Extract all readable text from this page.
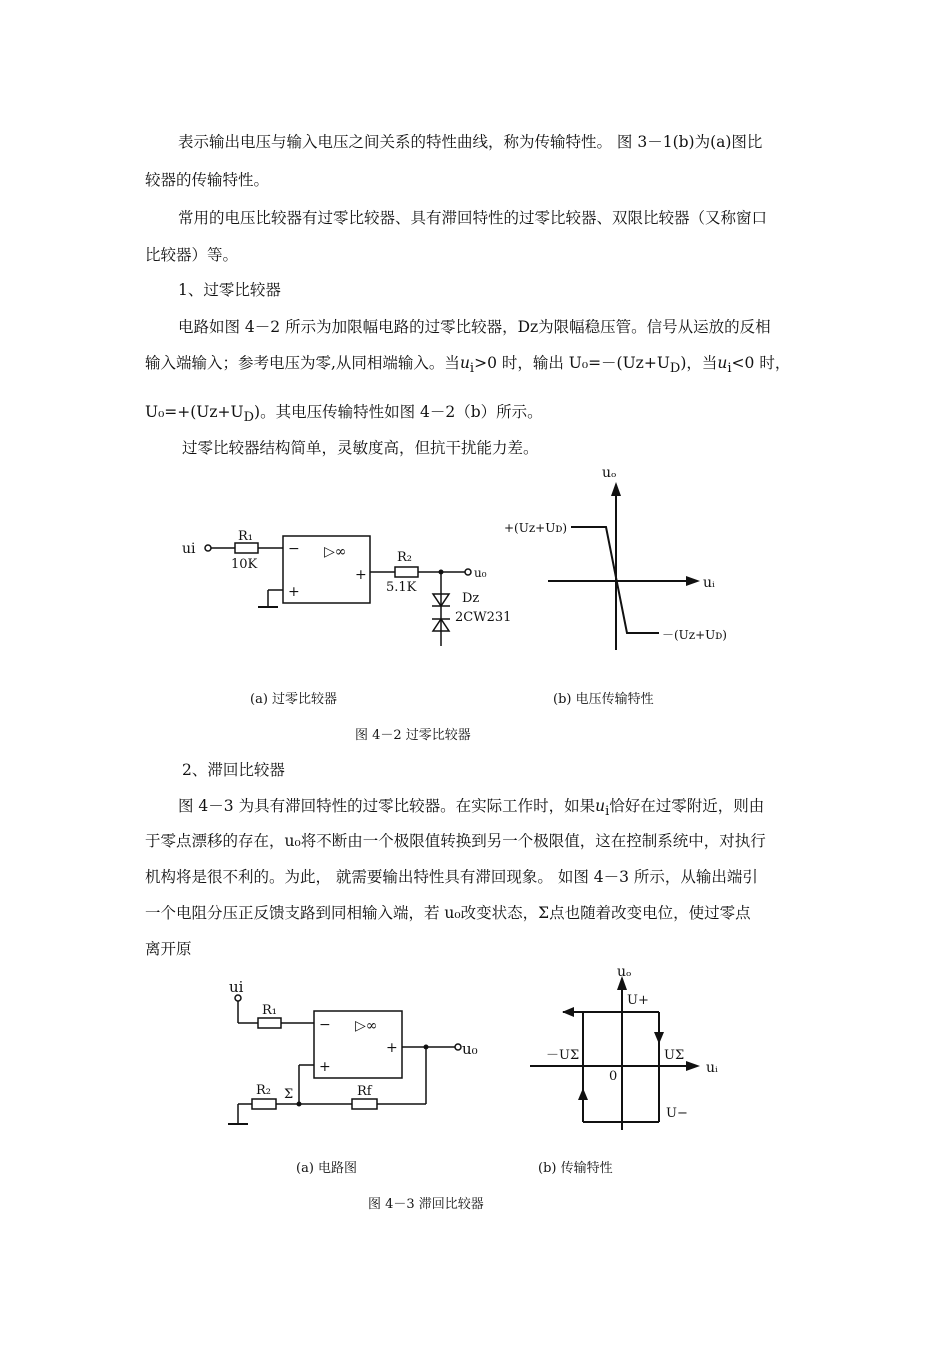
表示输出电压与输入电压之间关系的特性曲线，称为传输特性。 图 3－1(b)为(a)图比
较器的传输特性。
常用的电压比较器有过零比较器、具有滞回特性的过零比较器、双限比较器（又称窗口
比较器）等。
1、过零比较器
电路如图 4－2 所示为加限幅电路的过零比较器，Dz为限幅稳压管。信号从运放的反相
输入端输入；参考电压为零,从同相端输入。当$u_i>0$ 时，输出 $U_0=-(Uz+U_D)$，当$u_i<0$ 时，
$U_0=+(Uz+U_D)$。其电压传输特性如图 4－2（b）所示。
过零比较器结构简单，灵敏度高，但抗干扰能力差。
ui
R₁
10K
− ▷∞
+
+
R₂
5.1K
u₀
Dz
2CW231
uₒ
uᵢ
+(Uz+Uᴅ)
－(Uz+Uᴅ)
(a) 过零比较器	(b) 电压传输特性
图 4－2 过零比较器
2、滞回比较器
图 4－3 为具有滞回特性的过零比较器。在实际工作时，如果$u_i$恰好在过零附近，则由
于零点漂移的存在，u₀将不断由一个极限值转换到另一个极限值，这在控制系统中，对执行
机构将是很不利的。为此， 就需要输出特性具有滞回现象。 如图 4－3 所示，从输出端引
一个电阻分压正反馈支路到同相输入端，若 u₀改变状态，Σ点也随着改变电位，使过零点
离开原
ui
R₁
− ▷∞
+
+	u₀
Σ	Rf
R₂
uₒ
uᵢ
U+
U−
－UΣ	UΣ
0
(a) 电路图	(b) 传输特性
图 4－3 滞回比较器
